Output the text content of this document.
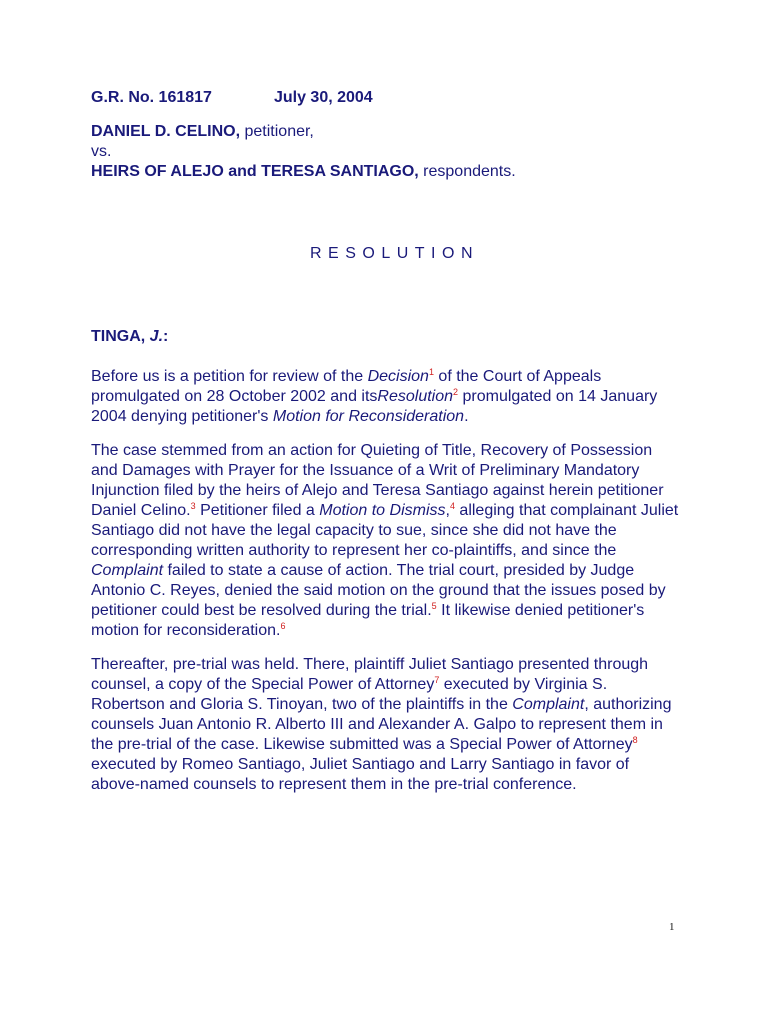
G.R. No. 161817	July 30, 2004

DANIEL D. CELINO, petitioner,

vs.

HEIRS OF ALEJO and TERESA SANTIAGO, respondents.

RESOLUTION
TINGA, J.:

Before us is a petition for review of the Decision$^1$ of the Court of Appeals promulgated on 28 October 2002 and itsResolution$^2$ promulgated on 14 January 2004 denying petitioner's Motion for Reconsideration.

The case stemmed from an action for Quieting of Title, Recovery of Possession and Damages with Prayer for the Issuance of a Writ of Preliminary Mandatory Injunction filed by the heirs of Alejo and Teresa Santiago against herein petitioner Daniel Celino.$^3$ Petitioner filed a Motion to Dismiss,$^4$ alleging that complainant Juliet Santiago did not have the legal capacity to sue, since she did not have the corresponding written authority to represent her co-plaintiffs, and since the Complaint failed to state a cause of action. The trial court, presided by Judge Antonio C. Reyes, denied the said motion on the ground that the issues posed by petitioner could best be resolved during the trial.$^5$ It likewise denied petitioner's motion for reconsideration.$^6$

Thereafter, pre-trial was held. There, plaintiff Juliet Santiago presented through counsel, a copy of the Special Power of Attorney$^7$ executed by Virginia S. Robertson and Gloria S. Tinoyan, two of the plaintiffs in the Complaint, authorizing counsels Juan Antonio R. Alberto III and Alexander A. Galpo to represent them in the pre-trial of the case. Likewise submitted was a Special Power of Attorney$^8$ executed by Romeo Santiago, Juliet Santiago and Larry Santiago in favor of above-named counsels to represent them in the pre-trial conference.

1
